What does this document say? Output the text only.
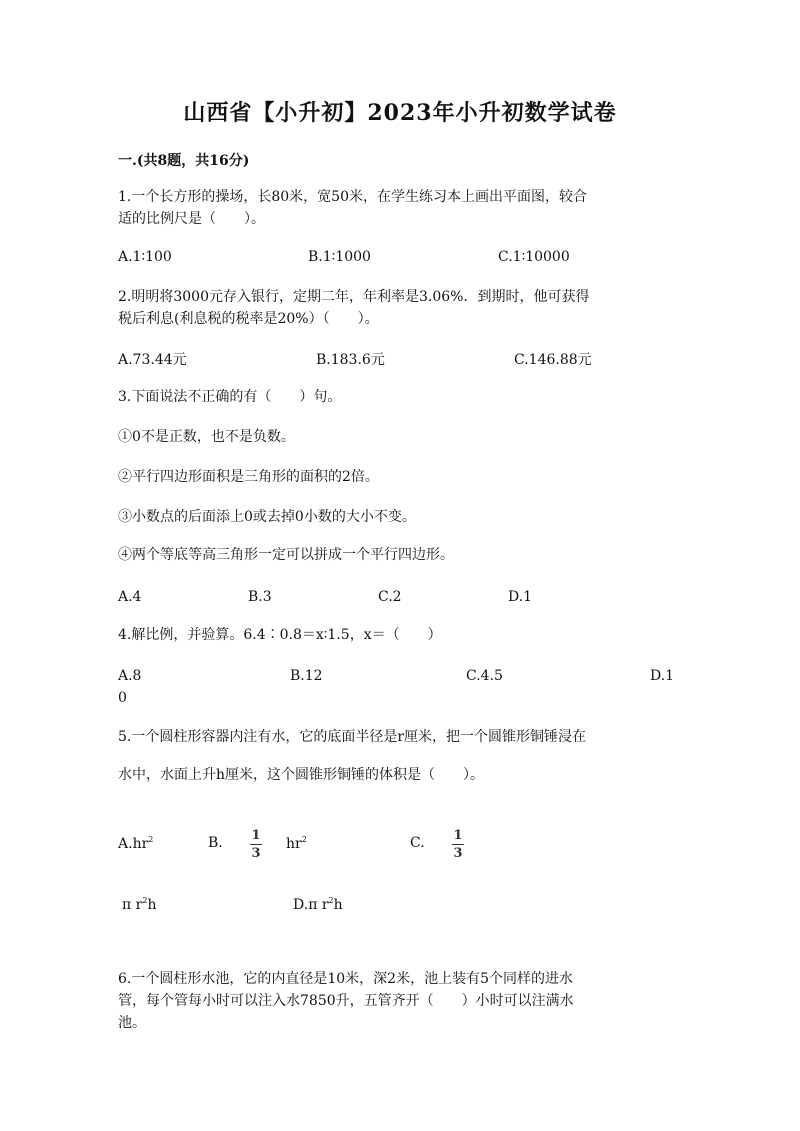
山西省【小升初】2023年小升初数学试卷
一.(共8题，共16分)
1.一个长方形的操场，长80米，宽50米，在学生练习本上画出平面图，较合
适的比例尺是（　　）。
A.1∶100	B.1∶1000	C.1∶10000
2.明明将3000元存入银行，定期二年，年利率是3.06%．到期时，他可获得
税后利息(利息税的税率是20%）（　　）。
A.73.44元	B.183.6元	C.146.88元
3.下面说法不正确的有（　　）句。
①0不是正数，也不是负数。
②平行四边形面积是三角形的面积的2倍。
③小数点的后面添上0或去掉0小数的大小不变。
④两个等底等高三角形一定可以拼成一个平行四边形。
A.4	B.3	C.2	D.1
4.解比例，并验算。6.4∶0.8＝x∶1.5，x＝（　　）
A.8	B.12	C.4.5	D.1
0
5.一个圆柱形容器内注有水，它的底面半径是r厘米，把一个圆锥形铜锤浸在
水中，水面上升h厘米，这个圆锥形铜锤的体积是（　　）。
$A.hr^2$	B. 1
3
$hr^2$	C. 1
3
π $r^2h$	D.π $r^2h$
6.一个圆柱形水池，它的内直径是10米，深2米，池上装有5个同样的进水
管，每个管每小时可以注入水7850升，五管齐开（　　）小时可以注满水
池。
